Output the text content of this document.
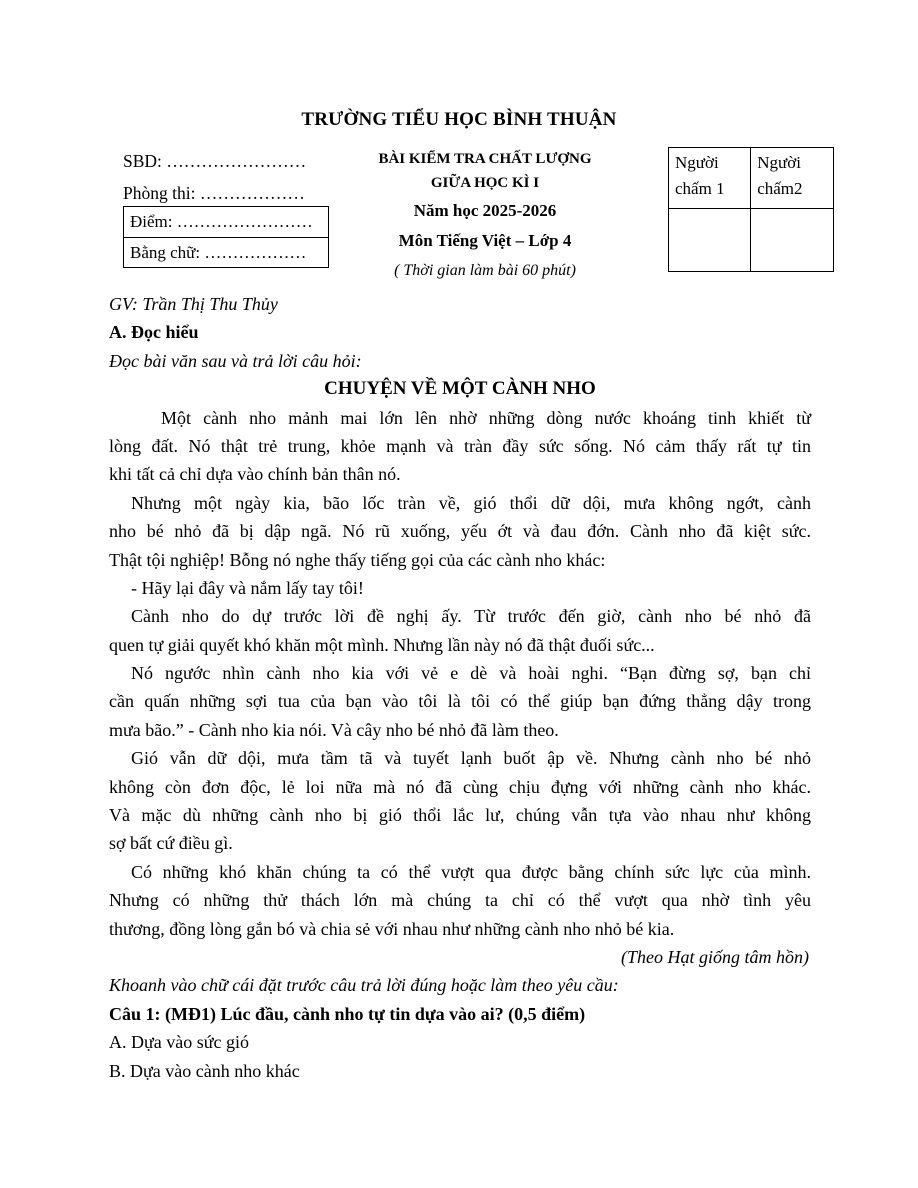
TRƯỜNG TIỂU HỌC BÌNH THUẬN
SBD: ……………………
Phòng thi: ………………
Điểm: ……………………
Bằng chữ: ………………
BÀI KIỂM TRA CHẤT LƯỢNG
GIỮA HỌC KÌ I
Năm học 2025-2026
Môn Tiếng Việt – Lớp 4
( Thời gian làm bài 60 phút)
Người chấm 1	Người chấm2

GV: Trần Thị Thu Thủy
A. Đọc hiểu
Đọc bài văn sau và trả lời câu hỏi:
CHUYỆN VỀ MỘT CÀNH NHO
Một cành nho mảnh mai lớn lên nhờ những dòng nước khoáng tinh khiết từ
lòng đất. Nó thật trẻ trung, khỏe mạnh và tràn đầy sức sống. Nó cảm thấy rất tự tin
khi tất cả chỉ dựa vào chính bản thân nó.
Nhưng một ngày kia, bão lốc tràn về, gió thổi dữ dội, mưa không ngớt, cành
nho bé nhỏ đã bị dập ngã. Nó rũ xuống, yếu ớt và đau đớn. Cành nho đã kiệt sức.
Thật tội nghiệp! Bỗng nó nghe thấy tiếng gọi của các cành nho khác:
- Hãy lại đây và nắm lấy tay tôi!
Cành nho do dự trước lời đề nghị ấy. Từ trước đến giờ, cành nho bé nhỏ đã
quen tự giải quyết khó khăn một mình. Nhưng lần này nó đã thật đuối sức...
Nó ngước nhìn cành nho kia với vẻ e dè và hoài nghi. “Bạn đừng sợ, bạn chỉ
cần quấn những sợi tua của bạn vào tôi là tôi có thể giúp bạn đứng thẳng dậy trong
mưa bão.” - Cành nho kia nói. Và cây nho bé nhỏ đã làm theo.
Gió vẫn dữ dội, mưa tầm tã và tuyết lạnh buốt ập về. Nhưng cành nho bé nhỏ
không còn đơn độc, lẻ loi nữa mà nó đã cùng chịu đựng với những cành nho khác.
Và mặc dù những cành nho bị gió thổi lắc lư, chúng vẫn tựa vào nhau như không
sợ bất cứ điều gì.
Có những khó khăn chúng ta có thể vượt qua được bằng chính sức lực của mình.
Nhưng có những thử thách lớn mà chúng ta chỉ có thể vượt qua nhờ tình yêu
thương, đồng lòng gắn bó và chia sẻ với nhau như những cành nho nhỏ bé kia.
(Theo Hạt giống tâm hồn)
Khoanh vào chữ cái đặt trước câu trả lời đúng hoặc làm theo yêu cầu:
Câu 1: (MĐ1) Lúc đầu, cành nho tự tin dựa vào ai? (0,5 điểm)
A. Dựa vào sức gió
B. Dựa vào cành nho khác
